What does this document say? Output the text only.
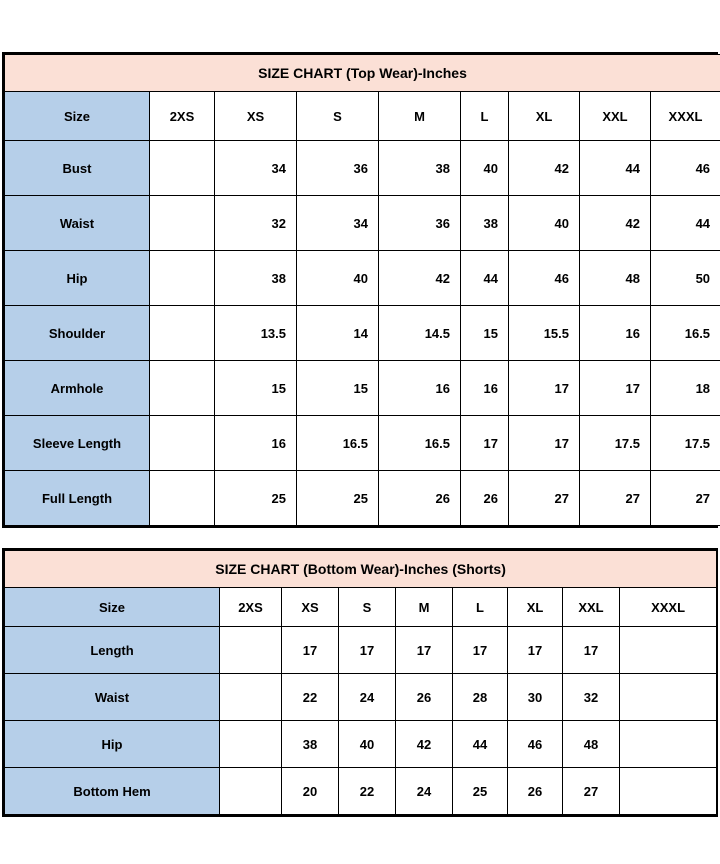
SIZE CHART (Top Wear)-Inches								
Size	2XS	XS	S	M	L	XL	XXL	XXXL
Bust		34	36	38	40	42	44	46
Waist		32	34	36	38	40	42	44
Hip		38	40	42	44	46	48	50
Shoulder		13.5	14	14.5	15	15.5	16	16.5
Armhole		15	15	16	16	17	17	18
Sleeve Length		16	16.5	16.5	17	17	17.5	17.5
Full Length		25	25	26	26	27	27	27
SIZE CHART (Bottom Wear)-Inches (Shorts)								
Size	2XS	XS	S	M	L	XL	XXL	XXXL
Length		17	17	17	17	17	17	
Waist		22	24	26	28	30	32	
Hip		38	40	42	44	46	48	
Bottom Hem		20	22	24	25	26	27	
